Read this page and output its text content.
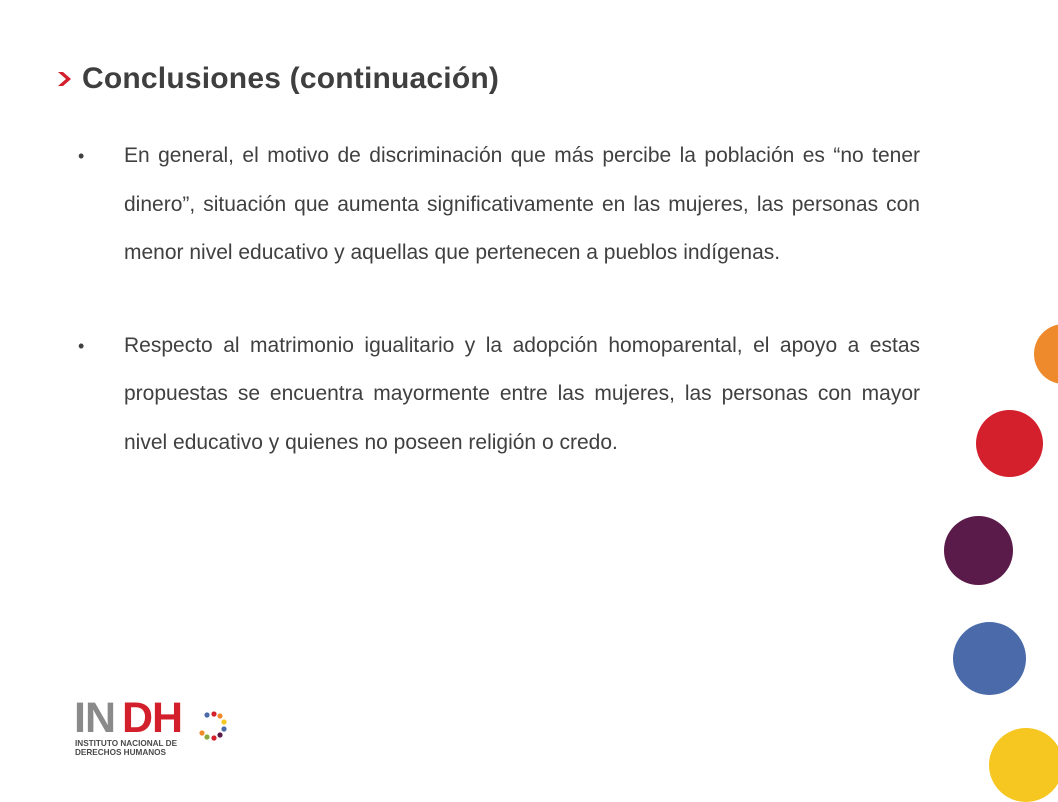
Conclusiones (continuación)
• En general, el motivo de discriminación que más percibe la población es “no tener dinero”, situación que aumenta significativamente en las mujeres, las personas con menor nivel educativo y aquellas que pertenecen a pueblos indígenas.
• Respecto al matrimonio igualitario y la adopción homoparental, el apoyo a estas propuestas se encuentra mayormente entre las mujeres, las personas con mayor nivel educativo y quienes no poseen religión o credo.
IN DH
INSTITUTO NACIONAL DE
DERECHOS HUMANOS
